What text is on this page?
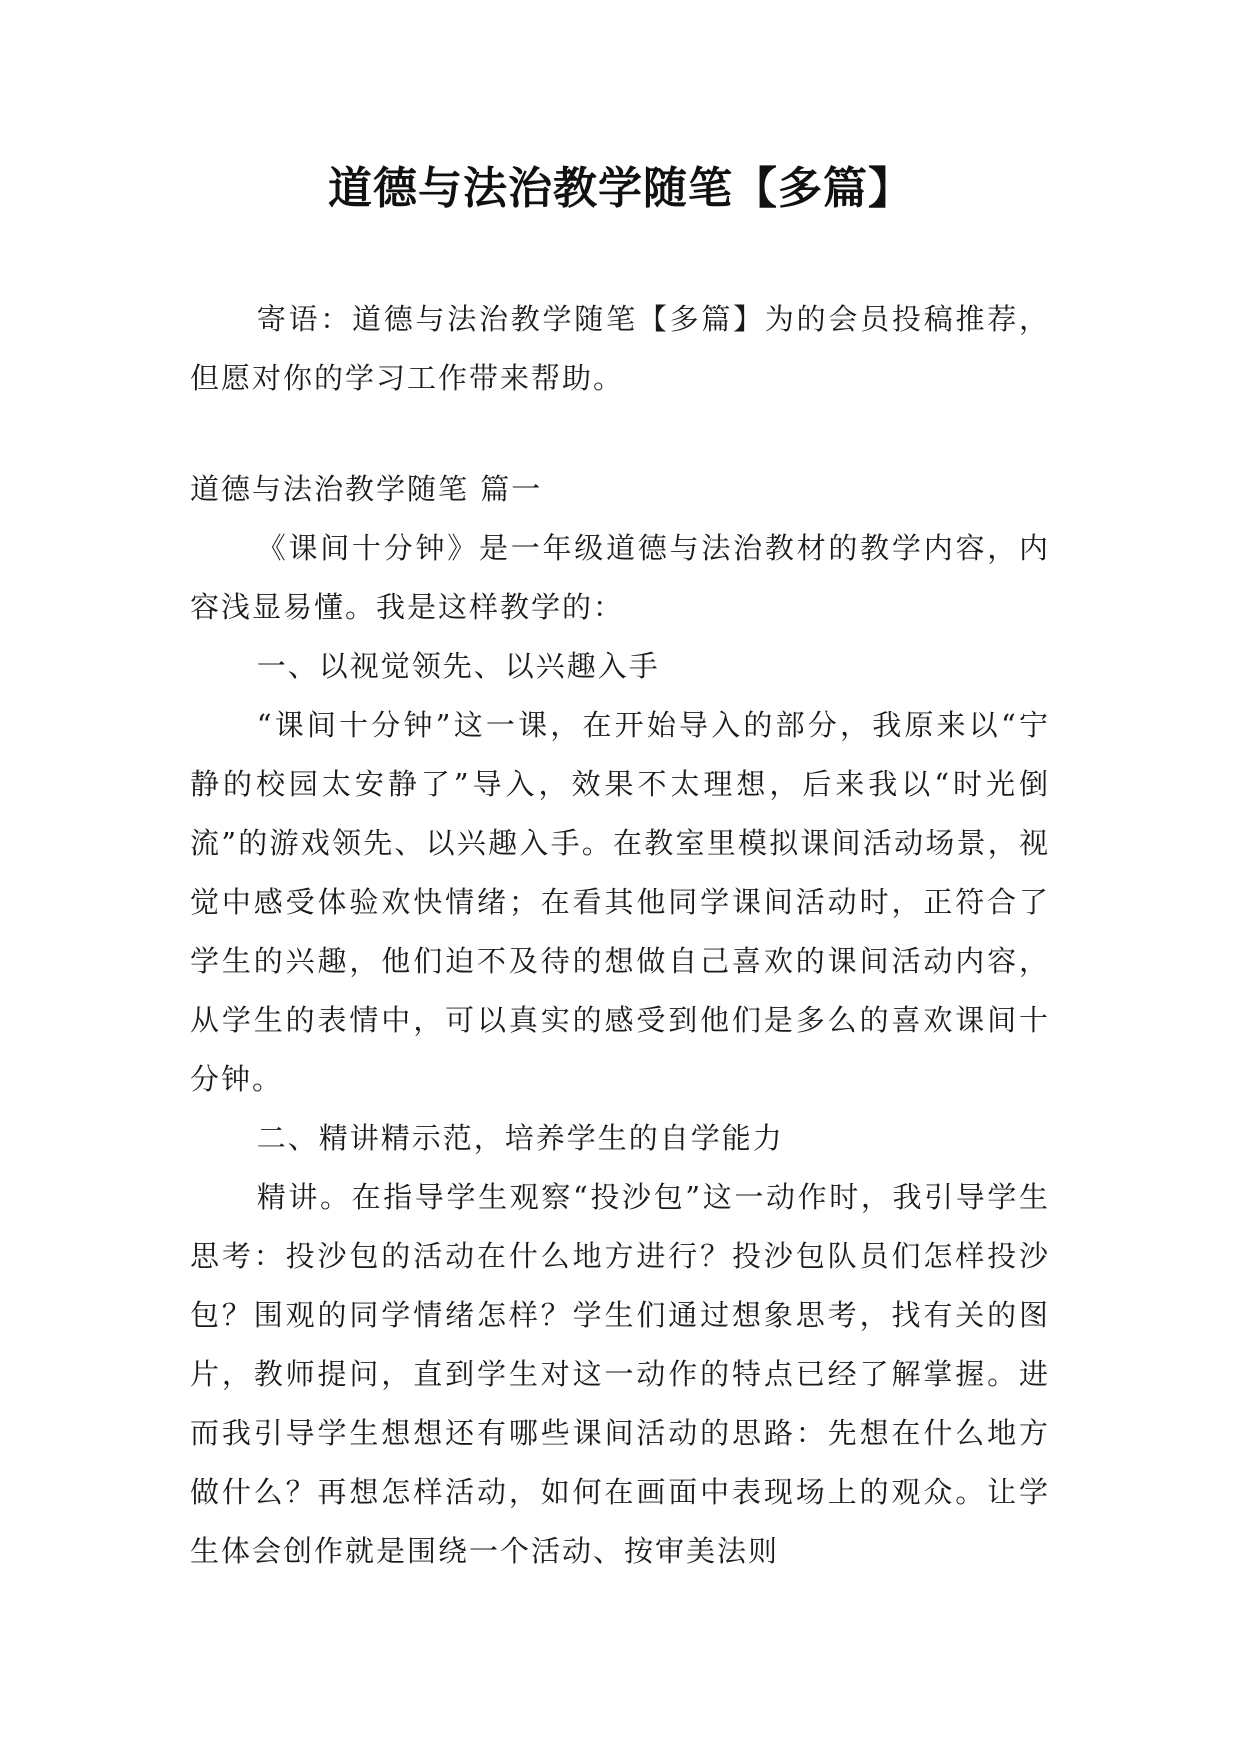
道德与法治教学随笔【多篇】

寄语：道德与法治教学随笔【多篇】为的会员投稿推荐，但愿对你的学习工作带来帮助。

道德与法治教学随笔 篇一

《课间十分钟》是一年级道德与法治教材的教学内容，内容浅显易懂。我是这样教学的：

一、以视觉领先、以兴趣入手

“课间十分钟”这一课，在开始导入的部分，我原来以“宁静的校园太安静了”导入，效果不太理想，后来我以“时光倒流”的游戏领先、以兴趣入手。在教室里模拟课间活动场景，视觉中感受体验欢快情绪；在看其他同学课间活动时，正符合了学生的兴趣，他们迫不及待的想做自己喜欢的课间活动内容，从学生的表情中，可以真实的感受到他们是多么的喜欢课间十分钟。

二、精讲精示范，培养学生的自学能力

精讲。在指导学生观察“投沙包”这一动作时，我引导学生思考：投沙包的活动在什么地方进行？投沙包队员们怎样投沙包？围观的同学情绪怎样？学生们通过想象思考，找有关的图片，教师提问，直到学生对这一动作的特点已经了解掌握。进而我引导学生想想还有哪些课间活动的思路：先想在什么地方做什么？再想怎样活动，如何在画面中表现场上的观众。让学生体会创作就是围绕一个活动、按审美法则
